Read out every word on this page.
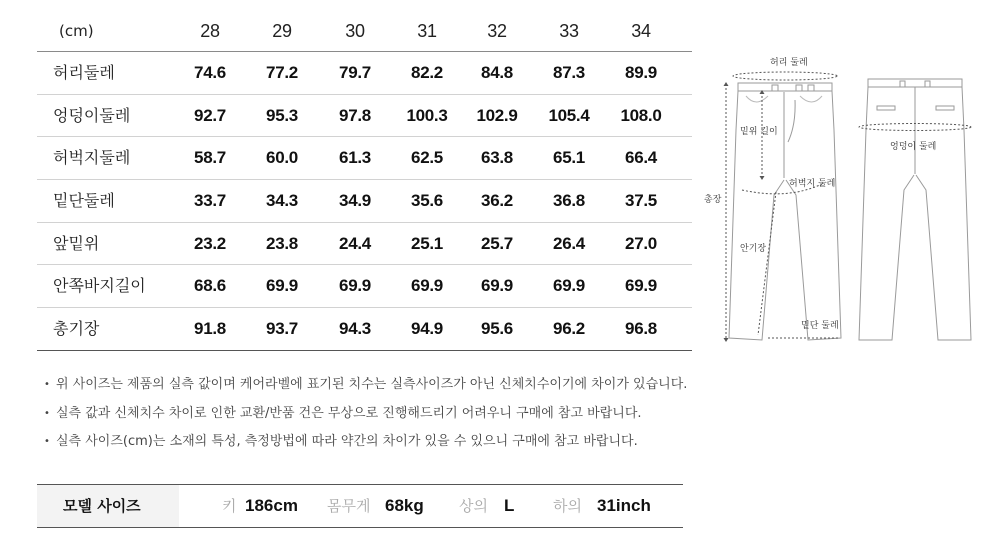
(cm)	28	29	30	31	32	33	34
허리둘레	74.6	77.2	79.7	82.2	84.8	87.3	89.9
엉덩이둘레	92.7	95.3	97.8	100.3	102.9	105.4	108.0
허벅지둘레	58.7	60.0	61.3	62.5	63.8	65.1	66.4
밑단둘레	33.7	34.3	34.9	35.6	36.2	36.8	37.5
앞밑위	23.2	23.8	24.4	25.1	25.7	26.4	27.0
안쪽바지길이	68.6	69.9	69.9	69.9	69.9	69.9	69.9
총기장	91.8	93.7	94.3	94.9	95.6	96.2	96.8
허리 둘레
밑위 길이
허벅지 둘레
총장
안기장
밑단 둘레
엉덩이 둘레
• 위 사이즈는 제품의 실측 값이며 케어라벨에 표기된 치수는 실측사이즈가 아닌 신체치수이기에 차이가 있습니다.
• 실측 값과 신체치수 차이로 인한 교환/반품 건은 무상으로 진행해드리기 어려우니 구매에 참고 바랍니다.
• 실측 사이즈(cm)는 소재의 특성, 측정방법에 따라 약간의 차이가 있을 수 있으니 구매에 참고 바랍니다.
모델 사이즈	키 186cm 몸무게 68kg 상의 L	하의 31inch
